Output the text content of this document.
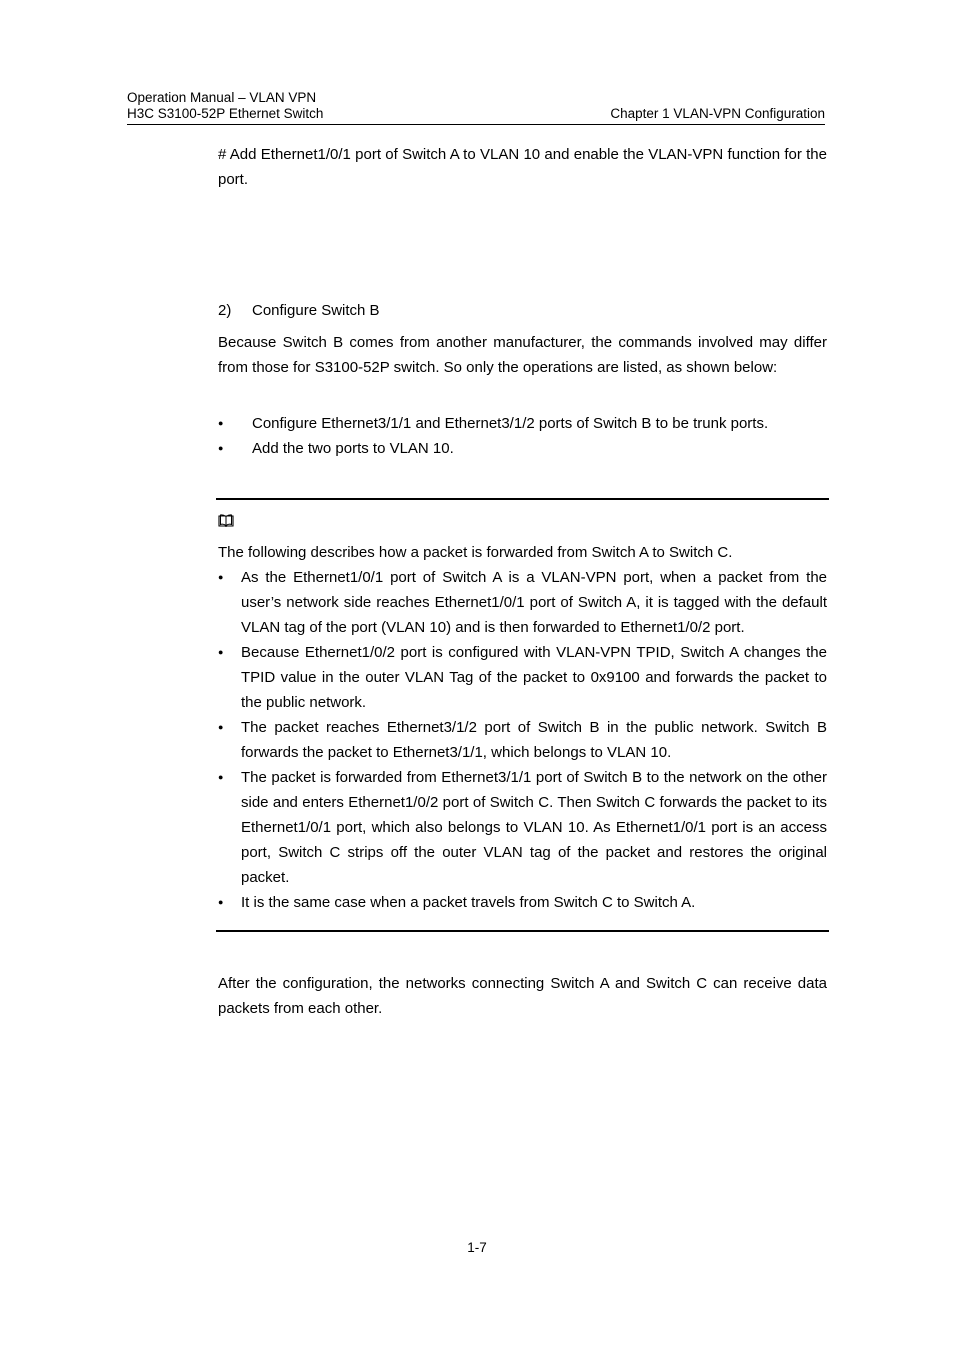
Operation Manual – VLAN VPN
H3C S3100-52P Ethernet Switch	Chapter 1 VLAN-VPN Configuration

# Add Ethernet1/0/1 port of Switch A to VLAN 10 and enable the VLAN-VPN function for the port.

2) Configure Switch B

Because Switch B comes from another manufacturer, the commands involved may differ from those for S3100-52P switch. So only the operations are listed, as shown below:

● Configure Ethernet3/1/1 and Ethernet3/1/2 ports of Switch B to be trunk ports.
● Add the two ports to VLAN 10.
The following describes how a packet is forwarded from Switch A to Switch C.
● As the Ethernet1/0/1 port of Switch A is a VLAN-VPN port, when a packet from the user’s network side reaches Ethernet1/0/1 port of Switch A, it is tagged with the default VLAN tag of the port (VLAN 10) and is then forwarded to Ethernet1/0/2 port.
● Because Ethernet1/0/2 port is configured with VLAN-VPN TPID, Switch A changes the TPID value in the outer VLAN Tag of the packet to 0x9100 and forwards the packet to the public network.
● The packet reaches Ethernet3/1/2 port of Switch B in the public network. Switch B forwards the packet to Ethernet3/1/1, which belongs to VLAN 10.
● The packet is forwarded from Ethernet3/1/1 port of Switch B to the network on the other side and enters Ethernet1/0/2 port of Switch C. Then Switch C forwards the packet to its Ethernet1/0/1 port, which also belongs to VLAN 10. As Ethernet1/0/1 port is an access port, Switch C strips off the outer VLAN tag of the packet and restores the original packet.
● It is the same case when a packet travels from Switch C to Switch A.

After the configuration, the networks connecting Switch A and Switch C can receive data packets from each other.

1-7
